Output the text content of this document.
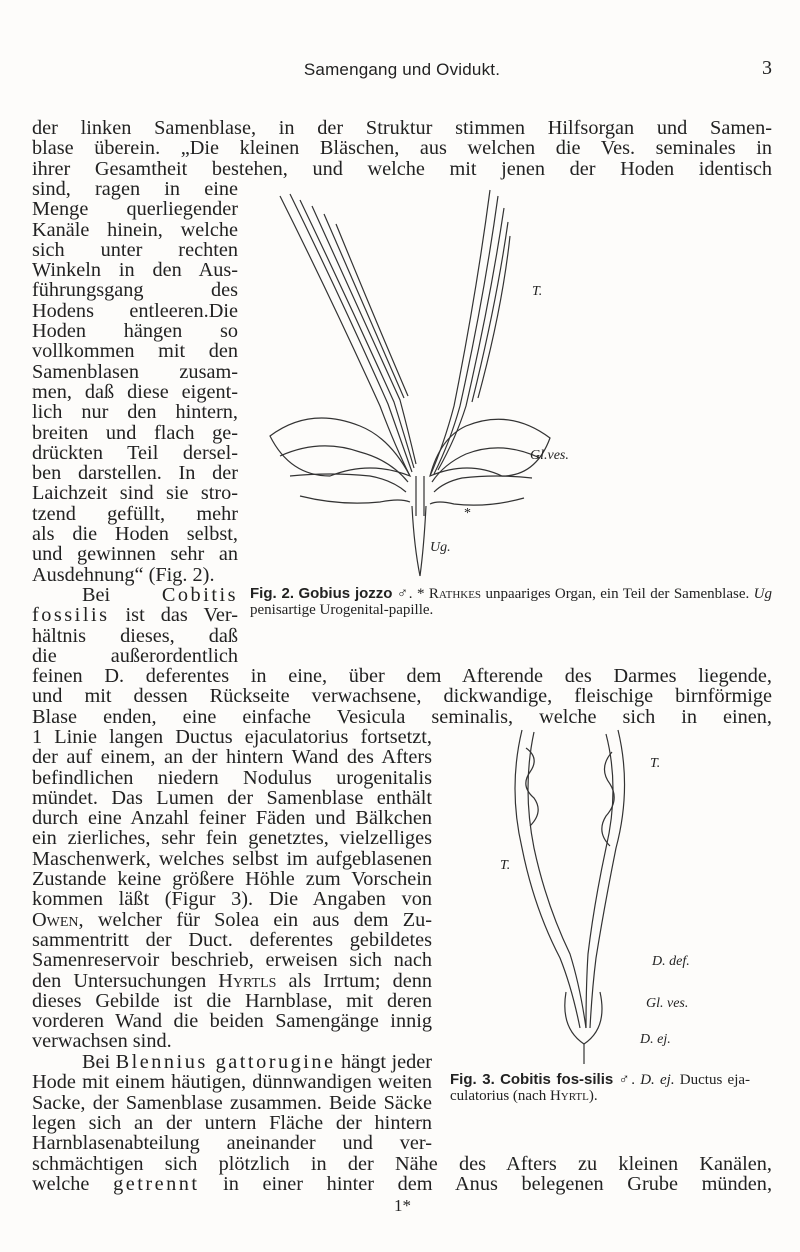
Samengang und Ovidukt.	3

der linken Samenblase, in der Struktur stimmen Hilfsorgan und Samen-
blase überein. „Die kleinen Bläschen, aus welchen die Ves. seminales in
ihrer Gesamtheit bestehen, und welche mit jenen der Hoden identisch

sind, ragen in eine
Menge querliegender
Kanäle hinein, welche
sich unter rechten
Winkeln in den Aus-
führungsgang des
Hodens entleeren.Die
Hoden hängen so
vollkommen mit den
Samenblasen zusam-
men, daß diese eigent-
lich nur den hintern,
breiten und flach ge-
drückten Teil dersel-
ben darstellen. In der
Laichzeit sind sie stro-
tzend gefüllt, mehr
als die Hoden selbst,
und gewinnen sehr an
Ausdehnung“ (Fig. 2).

Bei	Cobitis
fossilis ist das Ver-
hältnis dieses, daß
die außerordentlich

feinen D. deferentes in eine, über dem Afterende des Darmes liegende,
und mit dessen Rückseite verwachsene, dickwandige, fleischige birnförmige
Blase enden, eine einfache Vesicula seminalis, welche sich in einen,

1 Linie langen Ductus ejaculatorius fortsetzt,
der auf einem, an der hintern Wand des Afters
befindlichen niedern Nodulus urogenitalis
mündet. Das Lumen der Samenblase enthält
durch eine Anzahl feiner Fäden und Bälkchen
ein zierliches, sehr fein genetztes, vielzelliges
Maschenwerk, welches selbst im aufgeblasenen
Zustande keine größere Höhle zum Vorschein
kommen läßt (Figur 3). Die Angaben von
Owen, welcher für Solea ein aus dem Zu-
sammentritt der Duct. deferentes gebildetes
Samenreservoir beschrieb, erweisen sich nach
den Untersuchungen Hyrtls als Irrtum; denn
dieses Gebilde ist die Harnblase, mit deren
vorderen Wand die beiden Samengänge innig
verwachsen sind.

Bei Blennius gattorugine hängt jeder
Hode mit einem häutigen, dünnwandigen weiten
Sacke, der Samenblase zusammen. Beide Säcke
legen sich an der untern Fläche der hintern
Harnblasenabteilung aneinander und ver-

schmächtigen sich plötzlich in der Nähe des Afters zu kleinen Kanälen,
welche getrennt in einer hinter dem Anus belegenen Grube münden,

T.
Gl.ves.
*
Ug.
Fig. 2. Gobius jozzo ♂. * Rathkes unpaariges Organ, ein Teil der Samenblase. Ug penisartige Urogenital-papille.
T.
T.
D. def.
Gl. ves.
D. ej.
Fig. 3. Cobitis fos-silis ♂. D. ej. Ductus eja-culatorius (nach Hyrtl).
1*
